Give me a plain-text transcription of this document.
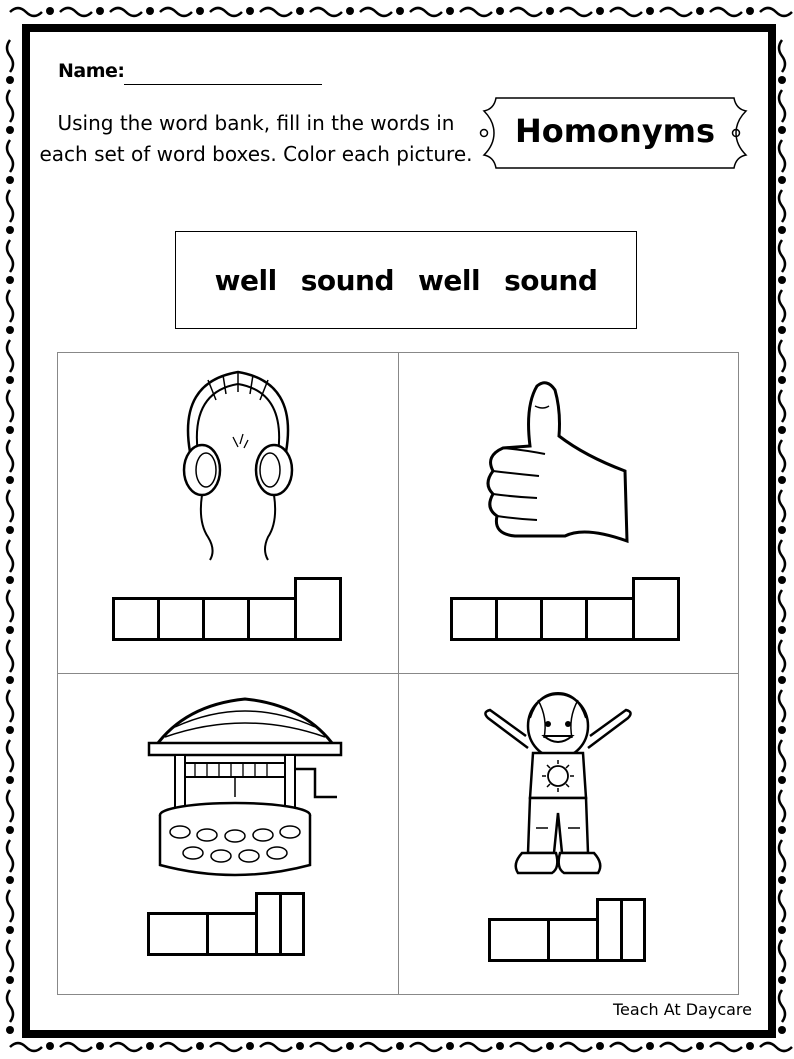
Name:
Using the word bank, fill in the words in each set of word boxes. Color each picture.
Homonyms
well sound well sound
Teach At Daycare
